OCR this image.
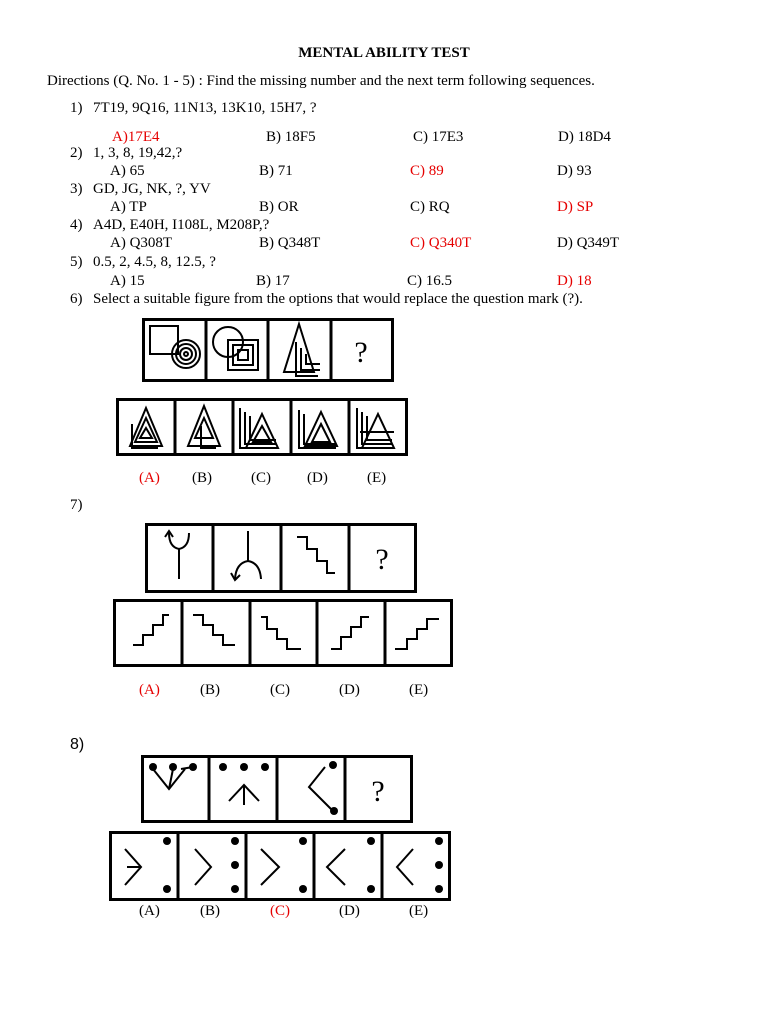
MENTAL ABILITY TEST
Directions (Q. No. 1 - 5) : Find the missing number and the next term following sequences.
1) 7T19, 9Q16, 11N13, 13K10, 15H7, ?
A)17E4	B) 18F5	C) 17E3	D) 18D4
2) 1, 3, 8, 19,42,?
A) 65	B) 71	C) 89	D) 93
3) GD, JG, NK, ?, YV
A) TP	B) OR	C) RQ	D) SP
4) A4D, E40H, I108L, M208P,?
A) Q308T	B) Q348T	C) Q340T	D) Q349T
5) 0.5, 2, 4.5, 8, 12.5, ?
A) 15	B) 17	C) 16.5	D) 18
6) Select a suitable figure from the options that would replace the question mark (?).
?
(A) (B)	(C) (D)	(E)
7)
?
(A)	(B)	(C)	(D)	(E)
8)
?
(A)	(B)	(C)	(D)	(E)
